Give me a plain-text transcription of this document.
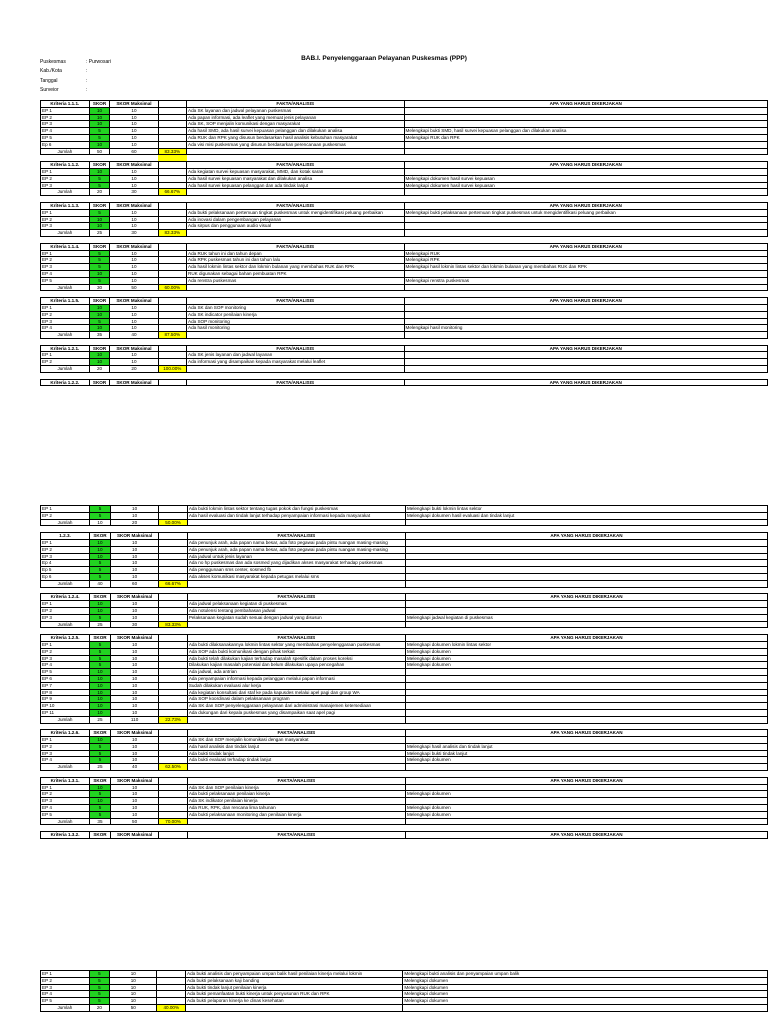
BAB.I. Penyelenggaraan Pelayanan Puskesmas (PPP)
Puskesmas	: Purwosari
Kab./Kota	:
Tanggal	:
Surveior	:
Kriteria 1.1.1.	SKOR	SKOR Maksimal		FAKTA/ANALISIS	APA YANG HARUS DIKERJAKAN
EP 1	10	10		Ada SK layanan dan jadwal pelayanan puskesmas	
EP 2	10	10		Ada papan informasi, ada leaflet yang memuat jenis pelayanan	
EP 3	10	10		Ada SK, SOP menjalin komunikasi dengan masyarakat	
EP 4	5	10		Ada hasil SMD, ada hasil survei kepuasan pelanggan dan dilakukan analisa	Melengkapi bukti SMD, hasil survei kepuasan pelanggan dan dilakukan analisa
EP 5	5	10		Ada RUK dan RPK yang disusun berdasarkan hasil analisis kebutuhan masyarakat	Melengkapi RUK dan RPK
Ep 6	10	10		Ada visi misi puskesmas yang disusun berdasarkan perencanaan puskesmas	
Jumlah	50	60	83.33%		

Kriteria 1.1.2.	SKOR	SKOR Maksimal		FAKTA/ANALISIS	APA YANG HARUS DIKERJAKAN
EP 1	10	10		Ada kegiatan survei kepuasan masyarakat, MMD, dan kotak saran	
EP 2	5	10		Ada hasil survei kepuasan masyarakat dan dilakukan analisa	Melengkapi dokumen hasil survei kepuasan
EP 3	5	10		Ada hasil survei kepuasan pelanggan dan ada tindak lanjut	Melengkapi dokumen hasil survei kepuasan
Jumlah	20	30	66.67%		

Kriteria 1.1.3.	SKOR	SKOR Maksimal		FAKTA/ANALISIS	APA YANG HARUS DIKERJAKAN
EP 1	5	10		Ada bukti pelaksanaan pertemuan tingkat puskesmas untuk mengidentifikasi peluang perbaikan	Melengkapi bukti pelaksanaan pertemuan tingkat puskesmas untuk mengidentifikasi peluang perbaikan
EP 2	10	10		Ada inovasi dalam pengembangan pelayanan	
EP 3	10	10		Ada sirpus dan penggunaan audio visual	
Jumlah	25	30	83.33%		

Kriteria 1.1.4.	SKOR	SKOR Maksimal		FAKTA/ANALISIS	APA YANG HARUS DIKERJAKAN
EP 1	5	10		Ada RUK tahun ini dan tahun depan	Melengkapi RUK
EP 2	5	10		Ada RPK puskesmas tahun ini dan tahun lalu	Melengkapi RPK
EP 3	5	10		Ada hasil lokmin lintas sektor dan lokmin bulanan yang membahas RUK dan RPK	Melengkapi hasil lokmin lintas sektor dan lokmin bulanan yang membahas RUK dan RPK
EP 4	10	10		RUK digunakan sebagai bahan pembuatan RPK	
EP 5	5	10		Ada renstra puskesmas	Melengkapi renstra puskesmas
Jumlah	30	50	60.00%		

Kriteria 1.1.5.	SKOR	SKOR Maksimal		FAKTA/ANALISIS	APA YANG HARUS DIKERJAKAN
EP 1	10	10		Ada SK dan SOP monitoring	
EP 2	10	10		Ada SK indicator penilaian kinerja	
EP 3	5	10		Ada SOP monitoring	
EP 4	10	10		Ada hasil monitoring	Melengkapi hasil monitoring
Jumlah	35	40	87.50%		

Kriteria 1.2.1.	SKOR	SKOR Maksimal		FAKTA/ANALISIS	APA YANG HARUS DIKERJAKAN
EP 1	10	10		Ada SK jenis layanan dan jadwal layanan	
EP 2	10	10		Ada informasi yang disampaikan kepada masyarakat melalui leaflet	
Jumlah	20	20	100.00%		

Kriteria 1.2.2.	SKOR	SKOR Maksimal		FAKTA/ANALISIS	APA YANG HARUS DIKERJAKAN
EP 1	5	10		Ada bukti lokmin lintas sektor tentang tugas pokok dan fungsi puskesmas	Melengkapi bukti lokmin lintas sektor
EP 2	5	10		Ada hasil evaluasi dan tindak lanjut terhadap penyampaian informasi kepada masyarakat	Melengkapi dokumen hasil evaluasi dan tindak lanjut
Jumlah	10	20	50.00%		

1.2.3.	SKOR	SKOR Maksimal		FAKTA/ANALISIS	APA YANG HARUS DIKERJAKAN
EP 1	10	10		Ada penunjuk arah, ada papan nama besar, ada foto pegawai pada pintu ruangan masing-masing	
EP 2	10	10		Ada penunjuk arah, ada papan nama besar, ada foto pegawai pada pintu ruangan masing-masing	
EP 3	10	10		Ada jadwal untuk jenis layanan	
Ep 4	5	10		Ada no hp puskesmas dan ada sosmed yang dijadikan akses masyarakat terhadap puskesmas	
Ep 5	5	10		Ada penggunaan sms center, sosmed fb	
Ep 6	5	10		Ada akses komunikasi masyarakat kepada petugas melalui sms	
Jumlah	40	60	66.67%		

Kriteria 1.2.4.	SKOR	SKOR Maksimal		FAKTA/ANALISIS	APA YANG HARUS DIKERJAKAN
EP 1	10	10		Ada jadwal pelaksanaan kegiatan di puskesmas	
EP 2	10	10		Ada notulensi tentang pembahasan jadwal	
EP 3	5	10		Pelaksanaan kegiatan sudah sesuai dengan jadwal yang disusun	Melengkapi jadwal kegiatan di puskesmas
Jumlah	25	30	83.33%		

Kriteria 1.2.5.	SKOR	SKOR Maksimal		FAKTA/ANALISIS	APA YANG HARUS DIKERJAKAN
EP 1	5	10		Ada bukti dilaksanakannya lokmin lintas sektor yang membahas penyelenggaraan puskesmas	Melengkapi dokumen lokmin lintas sektor
EP 2	5	10		Ada SOP ada bukti komunikasi dengan pihak terkait	Melengkapi dokumen
EP 3	5	10		Ada bukti telah dilakukan kajian terhadap masalah spesifik dalam proses koreksi	Melengkapi dokumen
EP 4	5	10		Dilakukan kajian masalah potensial dan belum dilakukan upaya pencegahan	Melengkapi dokumen
EP 5	10	10		Ada jadwal, ada antrian	
EP 6	10	10		Ada penyampaian informasi kepada pelanggan melalui papan informasi	
EP 7	10	10		Sudah dilakukan evaluasi alur kerja	
EP 8	10	10		Ada kegiatan konsultasi dari staf ke pada kapusdes melalui apel pagi dan group WA	
EP 9	10	10		Ada SOP koordinasi dalam pelaksanaan program	
EP 10	10	10		Ada SK dan SOP penyelenggaraan pelayanan dari administrasi manajemen ketersediaan	
EP 11	10	10		Ada dukungan dari kepala puskesmas yang disampaikan saat apel pagi	
Jumlah	25	110	22.73%		

Kriteria 1.2.6.	SKOR	SKOR Maksimal		FAKTA/ANALISIS	APA YANG HARUS DIKERJAKAN
EP 1	10	10		Ada SK dan SOP menjalin komunikasi dengan masyarakat	
EP 2	5	10		Ada hasil analisis dan tindak lanjut	Melengkapi hasil analisis dan tindak lanjut
EP 3	5	10		Ada bukti tindak lanjut	Melengkapi bukti tindak lanjut
EP 4	5	10		Ada bukti evaluasi terhadap tindak lanjut	Melengkapi dokumen
Jumlah	25	40	62.50%		

Kriteria 1.3.1.	SKOR	SKOR Maksimal		FAKTA/ANALISIS	APA YANG HARUS DIKERJAKAN
EP 1	10	10		Ada SK dan SOP penilaian kinerja	
EP 2	5	10		Ada bukti pelaksanaan penilaian kinerja	Melengkapi dokumen
EP 3	10	10		Ada SK indikator penilaian kinerja	
EP 4	5	10		Ada RUK, RPK, dan rencana lima tahunan	Melengkapi dokumen
EP 5	5	10		Ada bukti pelaksanaan monitoring dan penilaian kinerja	Melengkapi dokumen
Jumlah	35	50	70.00%		

Kriteria 1.3.2.	SKOR	SKOR Maksimal		FAKTA/ANALISIS	APA YANG HARUS DIKERJAKAN
EP 1	5	10		Ada bukti analisis dan penyampaian umpan balik hasil penilaian kinerja melalui lokmin	Melengkapi bukti analisis dan penyampaian umpan balik
EP 2	5	10		Ada bukti pelaksanaan kaji banding	Melengkapi dokumen
EP 3	5	10		Ada bukti tindak lanjut penilaian kinerja	Melengkapi dokumen
EP 4	5	10		Ada bukti pemanfaatan bukti kinerja untuk penyusunan RUK dan RPK	Melengkapi dokumen
EP 5	5	10		Ada bukti pelaporan kinerja ke dinas kesehatan	Melengkapi dokumen
Jumlah	20	50	40.00%		
